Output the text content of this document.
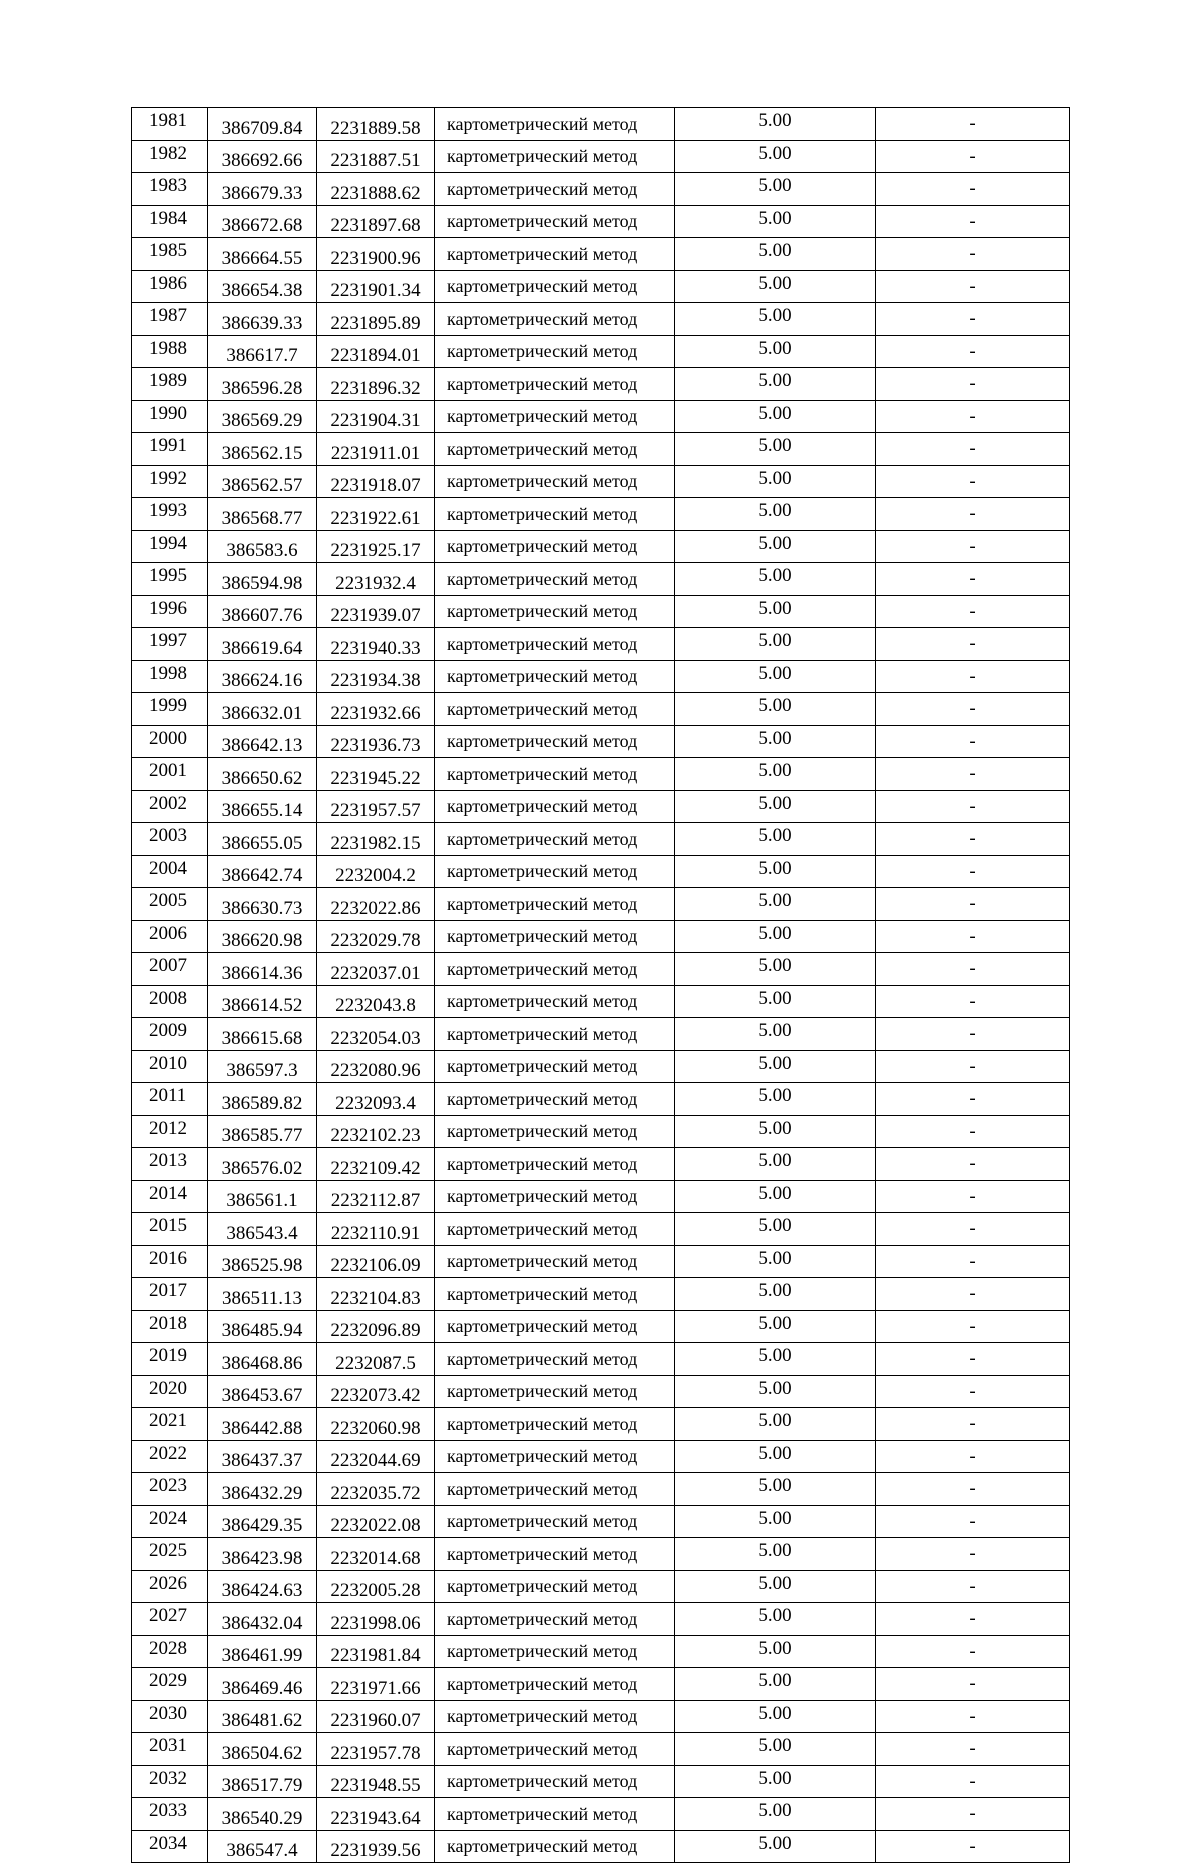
1981	386709.84	2231889.58	картометрический метод	5.00	-
1982	386692.66	2231887.51	картометрический метод	5.00	-
1983	386679.33	2231888.62	картометрический метод	5.00	-
1984	386672.68	2231897.68	картометрический метод	5.00	-
1985	386664.55	2231900.96	картометрический метод	5.00	-
1986	386654.38	2231901.34	картометрический метод	5.00	-
1987	386639.33	2231895.89	картометрический метод	5.00	-
1988	386617.7	2231894.01	картометрический метод	5.00	-
1989	386596.28	2231896.32	картометрический метод	5.00	-
1990	386569.29	2231904.31	картометрический метод	5.00	-
1991	386562.15	2231911.01	картометрический метод	5.00	-
1992	386562.57	2231918.07	картометрический метод	5.00	-
1993	386568.77	2231922.61	картометрический метод	5.00	-
1994	386583.6	2231925.17	картометрический метод	5.00	-
1995	386594.98	2231932.4	картометрический метод	5.00	-
1996	386607.76	2231939.07	картометрический метод	5.00	-
1997	386619.64	2231940.33	картометрический метод	5.00	-
1998	386624.16	2231934.38	картометрический метод	5.00	-
1999	386632.01	2231932.66	картометрический метод	5.00	-
2000	386642.13	2231936.73	картометрический метод	5.00	-
2001	386650.62	2231945.22	картометрический метод	5.00	-
2002	386655.14	2231957.57	картометрический метод	5.00	-
2003	386655.05	2231982.15	картометрический метод	5.00	-
2004	386642.74	2232004.2	картометрический метод	5.00	-
2005	386630.73	2232022.86	картометрический метод	5.00	-
2006	386620.98	2232029.78	картометрический метод	5.00	-
2007	386614.36	2232037.01	картометрический метод	5.00	-
2008	386614.52	2232043.8	картометрический метод	5.00	-
2009	386615.68	2232054.03	картометрический метод	5.00	-
2010	386597.3	2232080.96	картометрический метод	5.00	-
2011	386589.82	2232093.4	картометрический метод	5.00	-
2012	386585.77	2232102.23	картометрический метод	5.00	-
2013	386576.02	2232109.42	картометрический метод	5.00	-
2014	386561.1	2232112.87	картометрический метод	5.00	-
2015	386543.4	2232110.91	картометрический метод	5.00	-
2016	386525.98	2232106.09	картометрический метод	5.00	-
2017	386511.13	2232104.83	картометрический метод	5.00	-
2018	386485.94	2232096.89	картометрический метод	5.00	-
2019	386468.86	2232087.5	картометрический метод	5.00	-
2020	386453.67	2232073.42	картометрический метод	5.00	-
2021	386442.88	2232060.98	картометрический метод	5.00	-
2022	386437.37	2232044.69	картометрический метод	5.00	-
2023	386432.29	2232035.72	картометрический метод	5.00	-
2024	386429.35	2232022.08	картометрический метод	5.00	-
2025	386423.98	2232014.68	картометрический метод	5.00	-
2026	386424.63	2232005.28	картометрический метод	5.00	-
2027	386432.04	2231998.06	картометрический метод	5.00	-
2028	386461.99	2231981.84	картометрический метод	5.00	-
2029	386469.46	2231971.66	картометрический метод	5.00	-
2030	386481.62	2231960.07	картометрический метод	5.00	-
2031	386504.62	2231957.78	картометрический метод	5.00	-
2032	386517.79	2231948.55	картометрический метод	5.00	-
2033	386540.29	2231943.64	картометрический метод	5.00	-
2034	386547.4	2231939.56	картометрический метод	5.00	-
